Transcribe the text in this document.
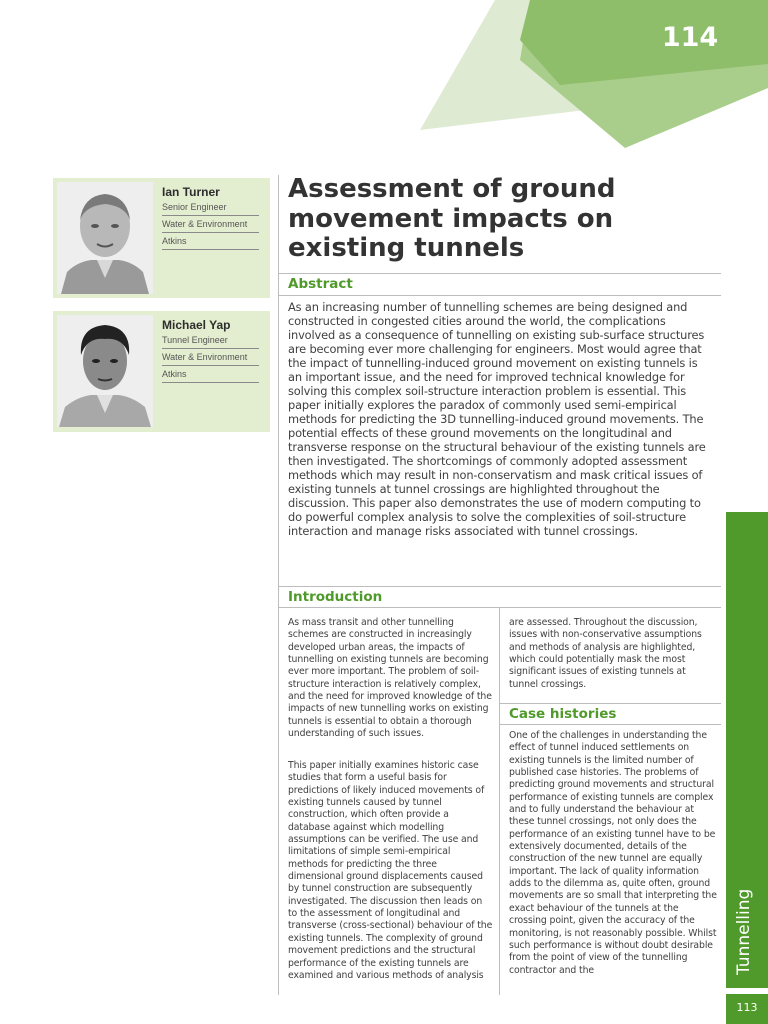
114
Ian Turner
Senior Engineer
Water & Environment
Atkins
Michael Yap
Tunnel Engineer
Water & Environment
Atkins
Assessment of ground movement impacts on existing tunnels
Abstract
As an increasing number of tunnelling schemes are being designed and constructed in congested cities around the world, the complications involved as a consequence of tunnelling on existing sub-surface structures are becoming ever more challenging for engineers. Most would agree that the impact of tunnelling-induced ground movement on existing tunnels is an important issue, and the need for improved technical knowledge for solving this complex soil-structure interaction problem is essential. This paper initially explores the paradox of commonly used semi-empirical methods for predicting the 3D tunnelling-induced ground movements. The potential effects of these ground movements on the longitudinal and transverse response on the structural behaviour of the existing tunnels are then investigated. The shortcomings of commonly adopted assessment methods which may result in non-conservatism and mask critical issues of existing tunnels at tunnel crossings are highlighted throughout the discussion. This paper also demonstrates the use of modern computing to do powerful complex analysis to solve the complexities of soil-structure interaction and manage risks associated with tunnel crossings.
Introduction
As mass transit and other tunnelling schemes are constructed in increasingly developed urban areas, the impacts of tunnelling on existing tunnels are becoming ever more important. The problem of soil-structure interaction is relatively complex, and the need for improved knowledge of the impacts of new tunnelling works on existing tunnels is essential to obtain a thorough understanding of such issues.
This paper initially examines historic case studies that form a useful basis for predictions of likely induced movements of existing tunnels caused by tunnel construction, which often provide a database against which modelling assumptions can be verified. The use and limitations of simple semi-empirical methods for predicting the three dimensional ground displacements caused by tunnel construction are subsequently investigated. The discussion then leads on to the assessment of longitudinal and transverse (cross-sectional) behaviour of the existing tunnels. The complexity of ground movement predictions and the structural performance of the existing tunnels are examined and various methods of analysis
are assessed. Throughout the discussion, issues with non-conservative assumptions and methods of analysis are highlighted, which could potentially mask the most significant issues of existing tunnels at tunnel crossings.
Case histories
One of the challenges in understanding the effect of tunnel induced settlements on existing tunnels is the limited number of published case histories. The problems of predicting ground movements and structural performance of existing tunnels are complex and to fully understand the behaviour at these tunnel crossings, not only does the performance of an existing tunnel have to be extensively documented, details of the construction of the new tunnel are equally important. The lack of quality information adds to the dilemma as, quite often, ground movements are so small that interpreting the exact behaviour of the tunnels at the crossing point, given the accuracy of the monitoring, is not reasonably possible. Whilst such performance is without doubt desirable from the point of view of the tunnelling contractor and the	Tunnelling
113
